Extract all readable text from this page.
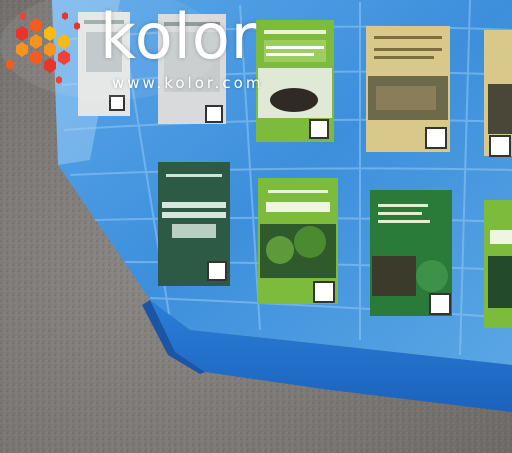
kolor
www.kolor.com
